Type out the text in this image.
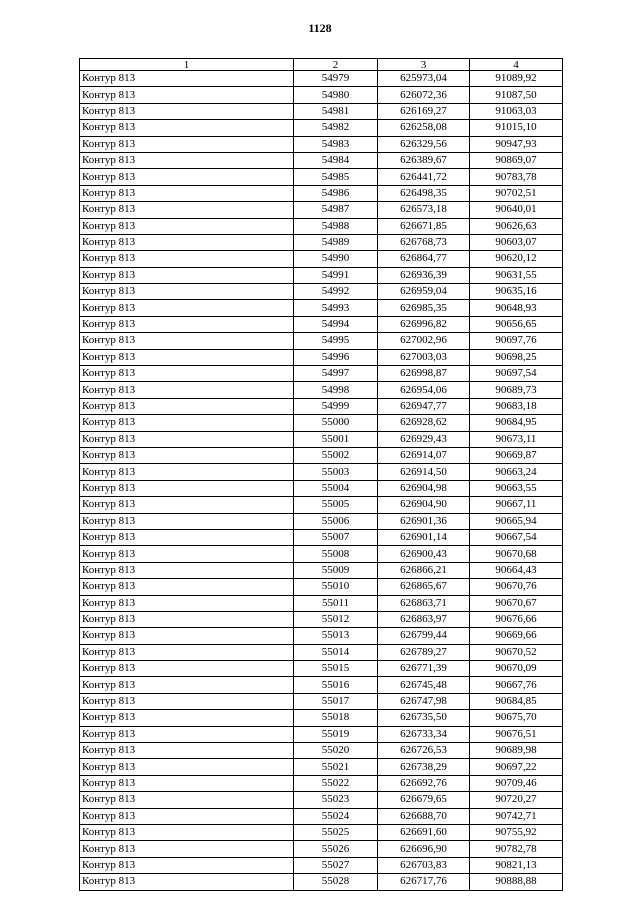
1128
1	2	3	4
Контур 813	54979	625973,04	91089,92
Контур 813	54980	626072,36	91087,50
Контур 813	54981	626169,27	91063,03
Контур 813	54982	626258,08	91015,10
Контур 813	54983	626329,56	90947,93
Контур 813	54984	626389,67	90869,07
Контур 813	54985	626441,72	90783,78
Контур 813	54986	626498,35	90702,51
Контур 813	54987	626573,18	90640,01
Контур 813	54988	626671,85	90626,63
Контур 813	54989	626768,73	90603,07
Контур 813	54990	626864,77	90620,12
Контур 813	54991	626936,39	90631,55
Контур 813	54992	626959,04	90635,16
Контур 813	54993	626985,35	90648,93
Контур 813	54994	626996,82	90656,65
Контур 813	54995	627002,96	90697,76
Контур 813	54996	627003,03	90698,25
Контур 813	54997	626998,87	90697,54
Контур 813	54998	626954,06	90689,73
Контур 813	54999	626947,77	90683,18
Контур 813	55000	626928,62	90684,95
Контур 813	55001	626929,43	90673,11
Контур 813	55002	626914,07	90669,87
Контур 813	55003	626914,50	90663,24
Контур 813	55004	626904,98	90663,55
Контур 813	55005	626904,90	90667,11
Контур 813	55006	626901,36	90665,94
Контур 813	55007	626901,14	90667,54
Контур 813	55008	626900,43	90670,68
Контур 813	55009	626866,21	90664,43
Контур 813	55010	626865,67	90670,76
Контур 813	55011	626863,71	90670,67
Контур 813	55012	626863,97	90676,66
Контур 813	55013	626799,44	90669,66
Контур 813	55014	626789,27	90670,52
Контур 813	55015	626771,39	90670,09
Контур 813	55016	626745,48	90667,76
Контур 813	55017	626747,98	90684,85
Контур 813	55018	626735,50	90675,70
Контур 813	55019	626733,34	90676,51
Контур 813	55020	626726,53	90689,98
Контур 813	55021	626738,29	90697,22
Контур 813	55022	626692,76	90709,46
Контур 813	55023	626679,65	90720,27
Контур 813	55024	626688,70	90742,71
Контур 813	55025	626691,60	90755,92
Контур 813	55026	626696,90	90782,78
Контур 813	55027	626703,83	90821,13
Контур 813	55028	626717,76	90888,88
